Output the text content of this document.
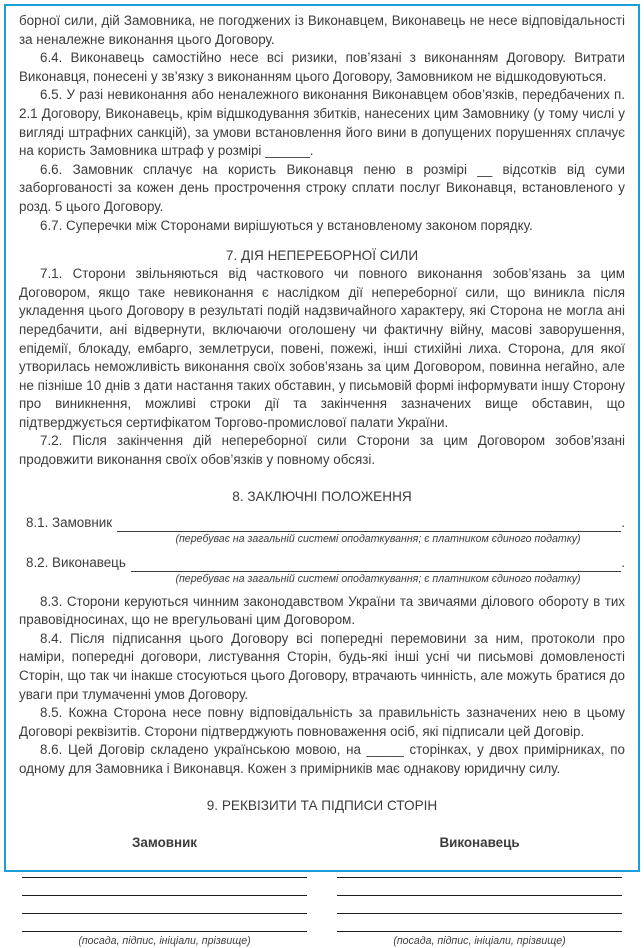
борної сили, дій Замовника, не погоджених із Виконавцем, Виконавець не несе відповідальності за неналежне виконання цього Договору.

6.4. Виконавець самостійно несе всі ризики, пов’язані з виконанням Договору. Витрати Виконавця, понесені у зв’язку з виконанням цього Договору, Замовником не відшкодовуються.

6.5. У разі невиконання або неналежного виконання Виконавцем обов’язків, передбачених п. 2.1 Договору, Виконавець, крім відшкодування збитків, нанесених цим Замовнику (у тому числі у вигляді штрафних санкцій), за умови встановлення його вини в допущених порушеннях сплачує на користь Замовника штраф у розмірі ______.

6.6. Замовник сплачує на користь Виконавця пеню в розмірі __ відсотків від суми заборгованості за кожен день прострочення строку сплати послуг Виконавця, встановленого у розд. 5 цього Договору.

6.7. Суперечки між Сторонами вирішуються у встановленому законом порядку.

7. ДІЯ НЕПЕРЕБОРНОЇ СИЛИ

7.1. Сторони звільняються від часткового чи повного виконання зобов’язань за цим Договором, якщо таке невиконання є наслідком дії непереборної сили, що виникла після укладення цього Договору в результаті подій надзвичайного характеру, які Сторона не могла ані передбачити, ані відвернути, включаючи оголошену чи фактичну війну, масові заворушення, епідемії, блокаду, ембарго, землетруси, повені, пожежі, інші стихійні лиха. Сторона, для якої утворилась неможливість виконання своїх зобов’язань за цим Договором, повинна негайно, але не пізніше 10 днів з дати настання таких обставин, у письмовій формі інформувати іншу Сторону про виникнення, можливі строки дії та закінчення зазначених вище обставин, що підтверджується сертифікатом Торгово-промислової палати України.

7.2. Після закінчення дій непереборної сили Сторони за цим Договором зобов’язані продовжити виконання своїх обов’язків у повному обсязі.

8. ЗАКЛЮЧНІ ПОЛОЖЕННЯ
8.1. Замовник	.
(перебуває на загальній системі оподаткування; є платником єдиного податку)
8.2. Виконавець	.
(перебуває на загальній системі оподаткування; є платником єдиного податку)

8.3. Сторони керуються чинним законодавством України та звичаями ділового обороту в тих правовідносинах, що не врегульовані цим Договором.

8.4. Після підписання цього Договору всі попередні перемовини за ним, протоколи про наміри, попередні договори, листування Сторін, будь-які інші усні чи письмові домовленості Сторін, що так чи інакше стосуються цього Договору, втрачають чинність, але можуть братися до уваги при тлумаченні умов Договору.

8.5. Кожна Сторона несе повну відповідальність за правильність зазначених нею в цьому Договорі реквізитів. Сторони підтверджують повноваження осіб, які підписали цей Договір.

8.6. Цей Договір складено українською мовою, на _____ сторінках, у двох примірниках, по одному для Замовника і Виконавця. Кожен з примірників має однакову юридичну силу.

9. РЕКВІЗИТИ ТА ПІДПИСИ СТОРІН
Замовник
(посада, підпис, ініціали, прізвище)
Виконавець
(посада, підпис, ініціали, прізвище)
